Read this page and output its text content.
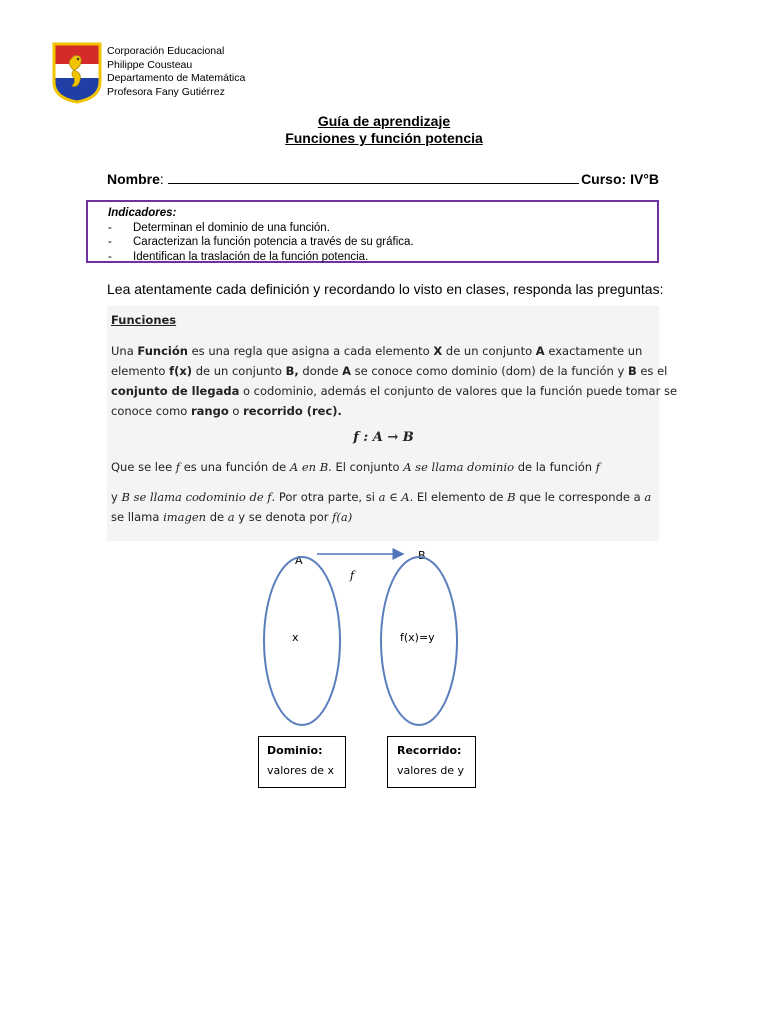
Corporación Educacional
Philippe Cousteau
Departamento de Matemática
Profesora Fany Gutiérrez
Guía de aprendizaje
Funciones y función potencia
Nombre :	Curso: IV°B
Indicadores:
-	Determinan el dominio de una función.
-	Caracterizan la función potencia a través de su gráfica.
-	Identifican la traslación de la función potencia.
Lea atentamente cada definición y recordando lo visto en clases, responda las preguntas:
Funciones
Una Función es una regla que asigna a cada elemento X de un conjunto A exactamente un
elemento f(x) de un conjunto B, donde A se conoce como dominio (dom) de la función y B es el
conjunto de llegada o codominio, además el conjunto de valores que la función puede tomar se
conoce como rango o recorrido (rec).
f : A → B
Que se lee f es una función de A en B. El conjunto A se llama dominio de la función f
y B se llama codominio de f. Por otra parte, si a ∈ A. El elemento de B que le corresponde a a
se llama imagen de a y se denota por f(a)
A	B
f
x	f(x)=y
Dominio:
valores de x
Recorrido:
valores de y
